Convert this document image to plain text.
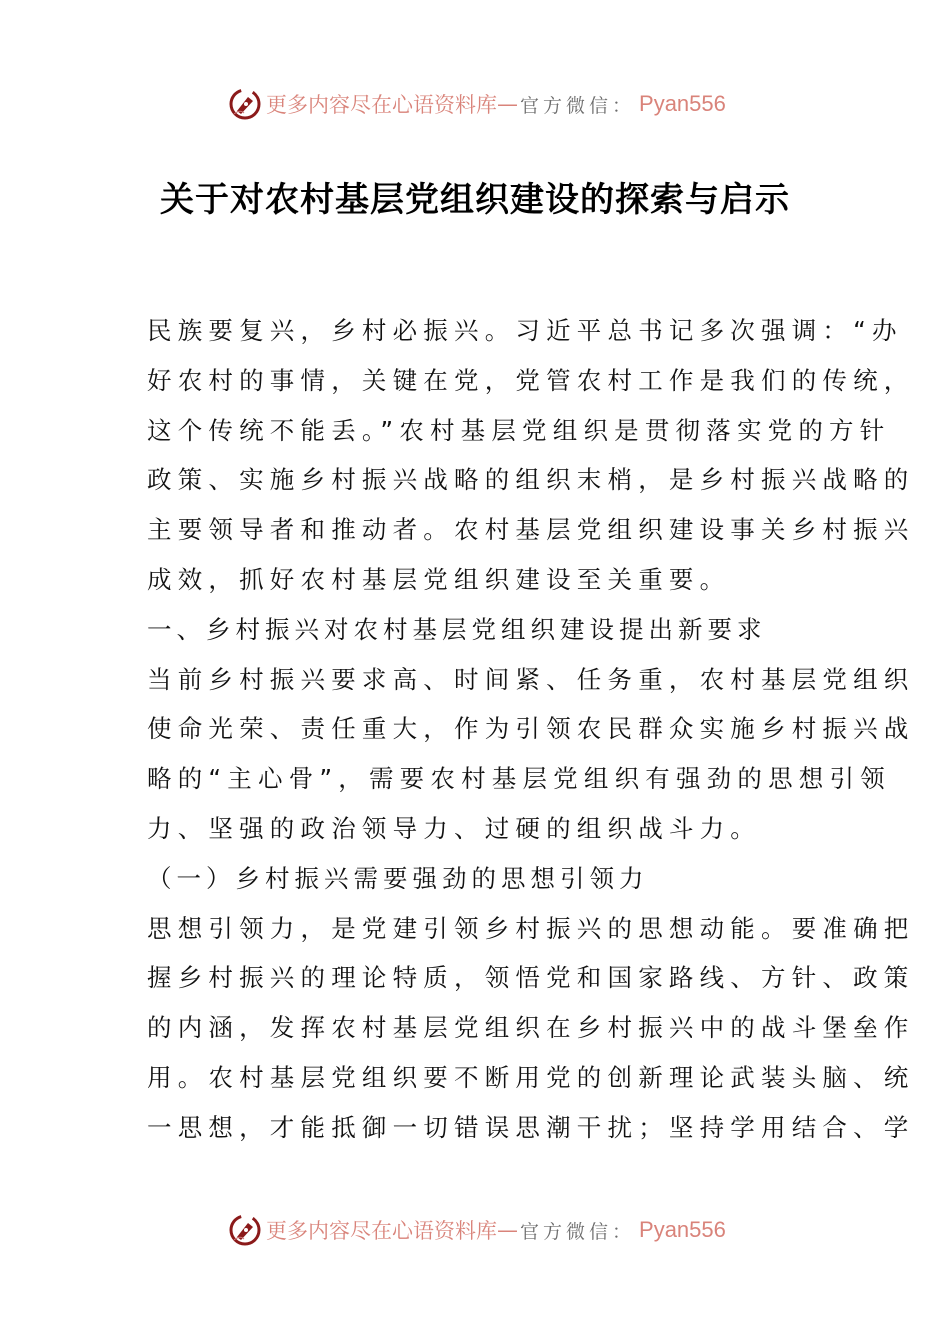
更多内容尽在心语资料库 — 官方微信： Pyan556
关于对农村基层党组织建设的探索与启示
民族要复兴，乡村必振兴。习近平总书记多次强调：“办
好农村的事情，关键在党，党管农村工作是我们的传统，
这个传统不能丢。”农村基层党组织是贯彻落实党的方针
政策、实施乡村振兴战略的组织末梢，是乡村振兴战略的
主要领导者和推动者。农村基层党组织建设事关乡村振兴
成效，抓好农村基层党组织建设至关重要。
一、乡村振兴对农村基层党组织建设提出新要求
当前乡村振兴要求高、时间紧、任务重，农村基层党组织
使命光荣、责任重大，作为引领农民群众实施乡村振兴战
略的“主心骨”，需要农村基层党组织有强劲的思想引领
力、坚强的政治领导力、过硬的组织战斗力。
（一）乡村振兴需要强劲的思想引领力
思想引领力，是党建引领乡村振兴的思想动能。要准确把
握乡村振兴的理论特质，领悟党和国家路线、方针、政策
的内涵，发挥农村基层党组织在乡村振兴中的战斗堡垒作
用。农村基层党组织要不断用党的创新理论武装头脑、统
一思想，才能抵御一切错误思潮干扰；坚持学用结合、学
更多内容尽在心语资料库 — 官方微信： Pyan556
